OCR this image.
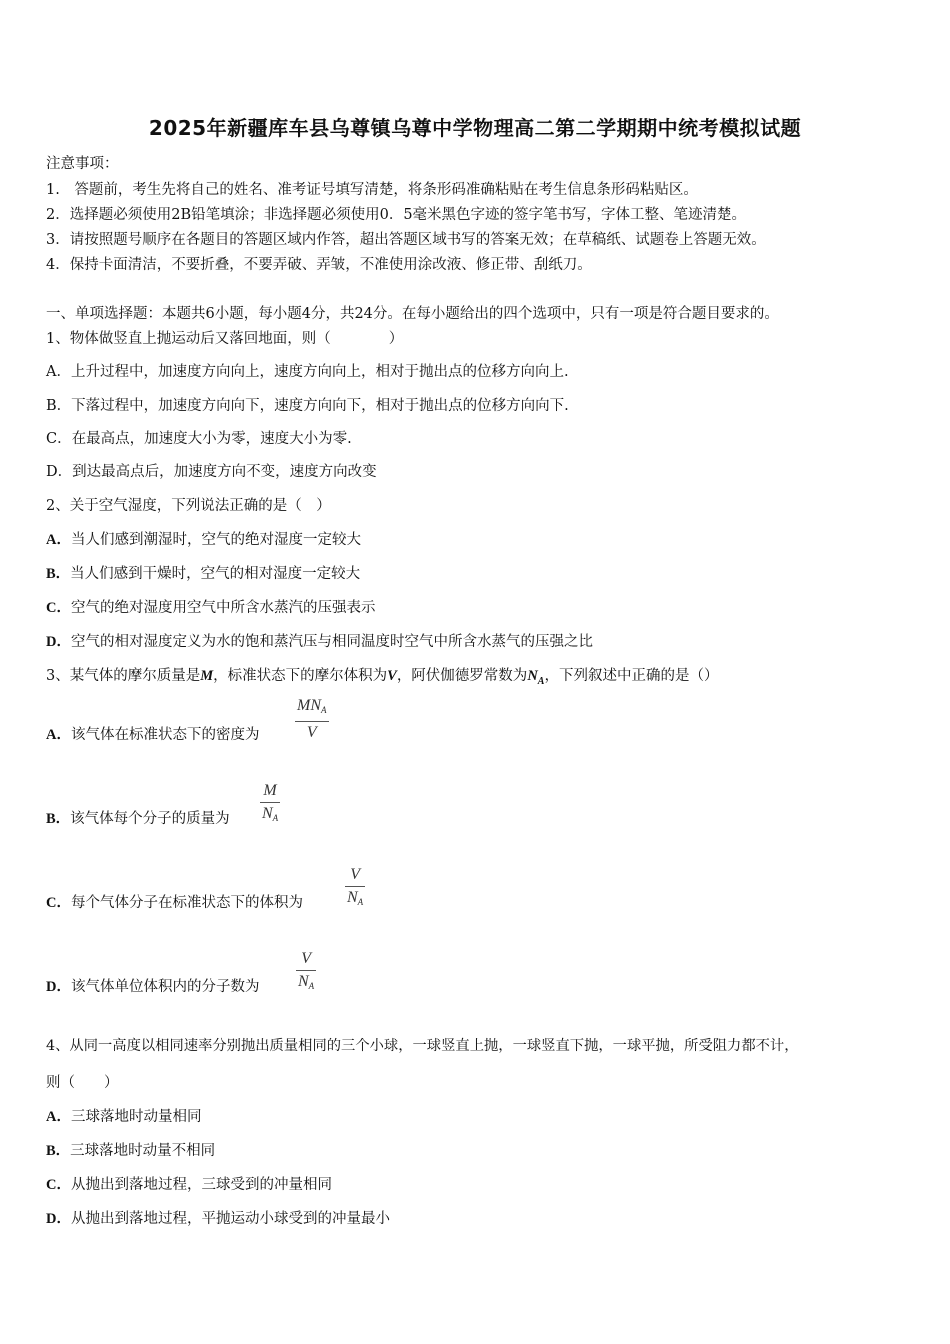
2025年新疆库车县乌尊镇乌尊中学物理高二第二学期期中统考模拟试题
注意事项：
1.　答题前，考生先将自己的姓名、准考证号填写清楚，将条形码准确粘贴在考生信息条形码粘贴区。
2．选择题必须使用2B铅笔填涂；非选择题必须使用0．5毫米黑色字迹的签字笔书写，字体工整、笔迹清楚。
3．请按照题号顺序在各题目的答题区域内作答，超出答题区域书写的答案无效；在草稿纸、试题卷上答题无效。
4．保持卡面清洁，不要折叠，不要弄破、弄皱，不准使用涂改液、修正带、刮纸刀。
一、单项选择题：本题共6小题，每小题4分，共24分。在每小题给出的四个选项中，只有一项是符合题目要求的。
1、物体做竖直上抛运动后又落回地面，则（　　　　）
A．上升过程中，加速度方向向上，速度方向向上，相对于抛出点的位移方向向上.
B．下落过程中，加速度方向向下，速度方向向下，相对于抛出点的位移方向向下.
C．在最高点，加速度大小为零，速度大小为零.
D．到达最高点后，加速度方向不变，速度方向改变
2、关于空气湿度，下列说法正确的是（　）
A．当人们感到潮湿时，空气的绝对湿度一定较大
B．当人们感到干燥时，空气的相对湿度一定较大
C．空气的绝对湿度用空气中所含水蒸汽的压强表示
D．空气的相对湿度定义为水的饱和蒸汽压与相同温度时空气中所含水蒸气的压强之比
3、某气体的摩尔质量是M，标准状态下的摩尔体积为V，阿伏伽德罗常数为$N_A$，下列叙述中正确的是（）
A．该气体在标准状态下的密度为
$MN_A$
V
B．该气体每个分子的质量为
M
$N_A$
C．每个气体分子在标准状态下的体积为
V
$N_A$
D．该气体单位体积内的分子数为
V
$N_A$
4、从同一高度以相同速率分别抛出质量相同的三个小球，一球竖直上抛，一球竖直下抛，一球平抛，所受阻力都不计，
则（　　）
A．三球落地时动量相同
B．三球落地时动量不相同
C．从抛出到落地过程，三球受到的冲量相同
D．从抛出到落地过程，平抛运动小球受到的冲量最小
